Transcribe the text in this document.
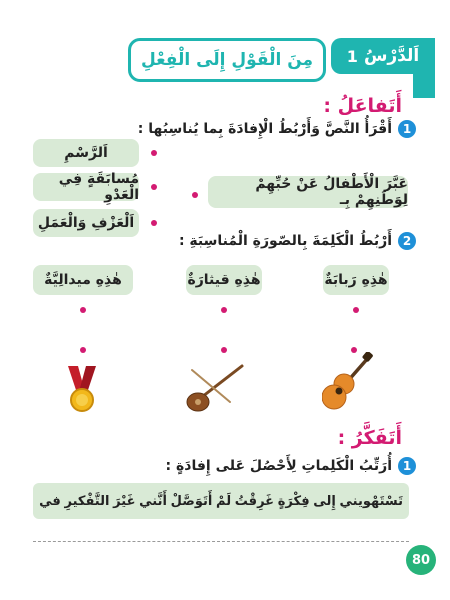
اَلدَّرْسُ
1
مِنَ الْقَوْلِ إِلَى الْفِعْلِ
أَتَفاعَلُ :
1
أَقْرَأُ النَّصَّ وَأَرْبُطُ الْإِفادَةَ بِما يُناسِبُها :
اَلرَّسْمِ
مُسابَقَةٍ فِي الْعَدْوِ
اَلْعَزْفِ وَالْعَمَلِ
عَبَّرَ الْأَطْفالُ عَنْ حُبِّهِمْ لِوَطَنِهِمْ بِـ
2
أَرْبُطُ الْكَلِمَةَ بِالصّورَةِ الْمُناسِبَةِ :
هٰذِهِ رَبابَةٌ
هٰذِهِ قيثارَةٌ
هٰذِهِ ميدالِيَّةٌ
أَتَفَكَّرُ :
1
أُرَتِّبُ الْكَلِماتِ لِأَحْصُلَ عَلى إِفادَةٍ :
في التَّفْكيرِ غَيْرَ أَنَّني أَتَوَصَّلْ لَمْ غَرِقْتُ فِكْرَةٍ إِلى تَسْتَهْويني
80
